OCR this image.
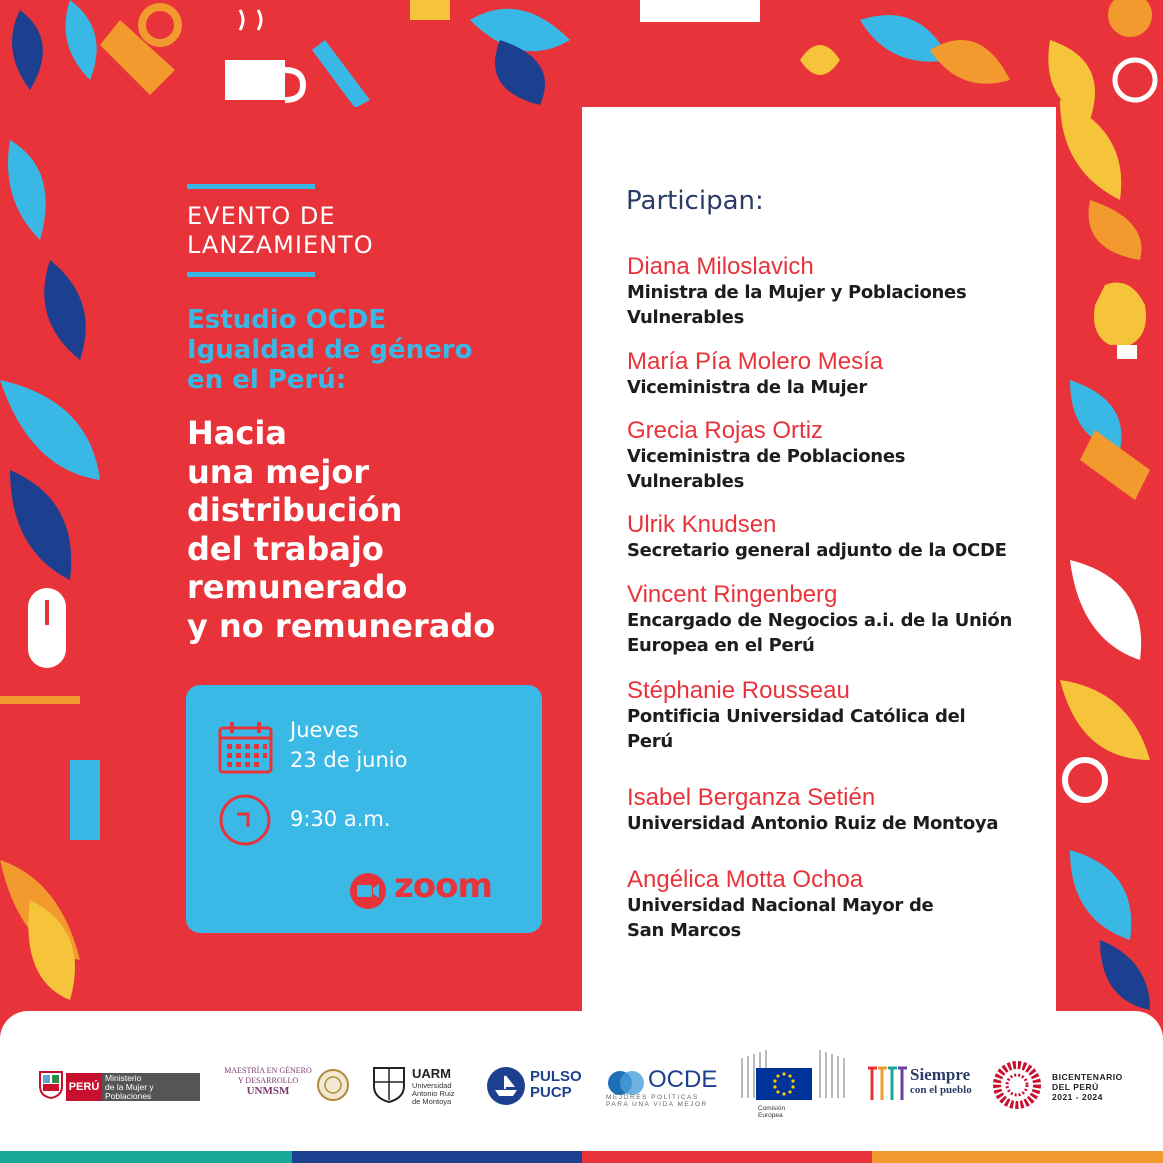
EVENTO DE
LANZAMIENTO
Estudio OCDE
Igualdad de género
en el Perú:
Hacia
una mejor
distribución
del trabajo
remunerado
y no remunerado
Jueves
23 de junio
9:30 a.m.
zoom
Participan:
Diana Miloslavich
Ministra de la Mujer y Poblaciones
Vulnerables
María Pía Molero Mesía
Viceministra de la Mujer
Grecia Rojas Ortiz
Viceministra de Poblaciones
Vulnerables
Ulrik Knudsen
Secretario general adjunto de la OCDE
Vincent Ringenberg
Encargado de Negocios a.i. de la Unión
Europea en el Perú
Stéphanie Rousseau
Pontificia Universidad Católica del
Perú
Isabel Berganza Setién
Universidad Antonio Ruiz de Montoya
Angélica Motta Ochoa
Universidad Nacional Mayor de
San Marcos
PERÚ
Ministerio
de la Mujer y
Poblaciones Vulnerables
MAESTRÍA EN GÉNERO
Y DESARROLLO
UNMSM
UARM
Universidad
Antonio Ruiz
de Montoya
PULSO
PUCP	OCDE
MEJORES POLÍTICAS
PARA UNA VIDA MEJOR
Comisión
Europea
Siempre
con el pueblo
BICENTENARIO
DEL PERÚ
2021 - 2024
